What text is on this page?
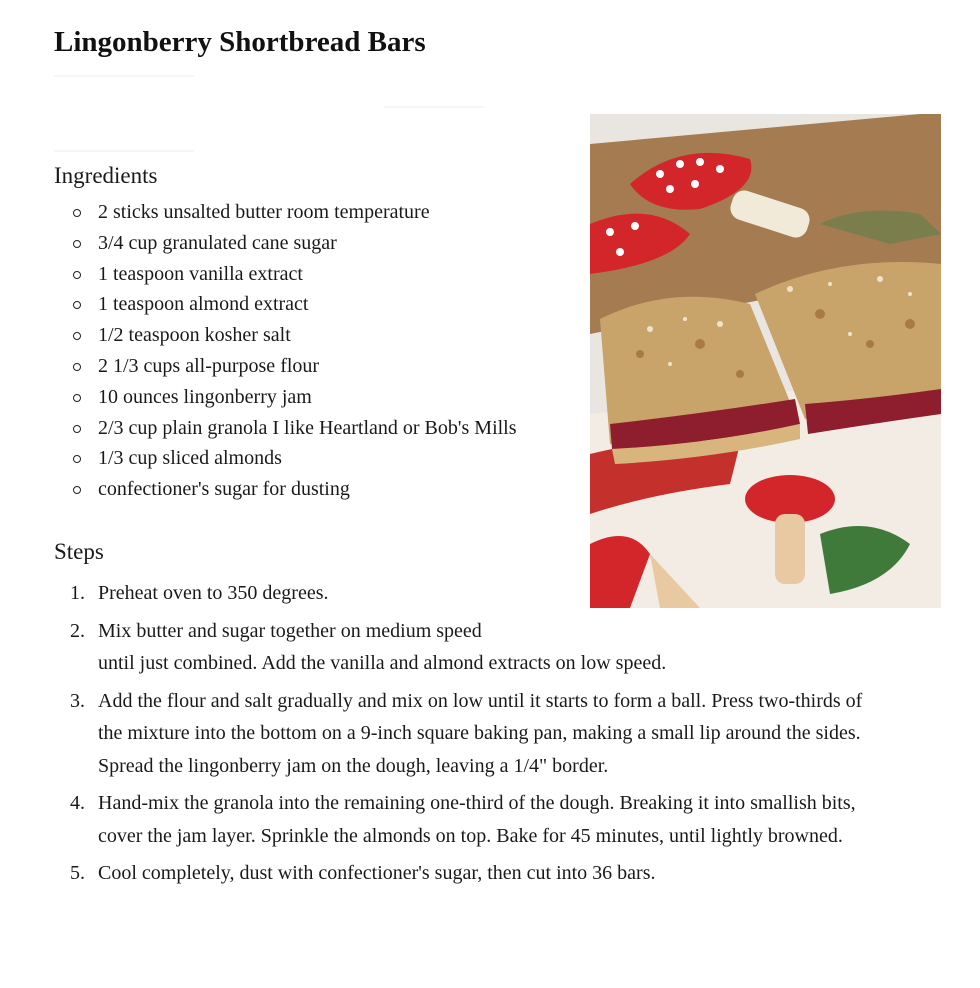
Lingonberry Shortbread Bars
Ingredients
2 sticks unsalted butter room temperature
3/4 cup granulated cane sugar
1 teaspoon vanilla extract
1 teaspoon almond extract
1/2 teaspoon kosher salt
2 1/3 cups all-purpose flour
10 ounces lingonberry jam
2/3 cup plain granola I like Heartland or Bob's Mills
1/3 cup sliced almonds
confectioner's sugar for dusting
Steps
1. Preheat oven to 350 degrees.
2. Mix butter and sugar together on medium speed
until just combined. Add the vanilla and almond extracts on low speed.
3. Add the flour and salt gradually and mix on low until it starts to form a ball. Press two-thirds of the mixture into the bottom on a 9-inch square baking pan, making a small lip around the sides. Spread the lingonberry jam on the dough, leaving a 1/4" border.
4. Hand-mix the granola into the remaining one-third of the dough. Breaking it into smallish bits, cover the jam layer. Sprinkle the almonds on top. Bake for 45 minutes, until lightly browned.
5. Cool completely, dust with confectioner's sugar, then cut into 36 bars.
